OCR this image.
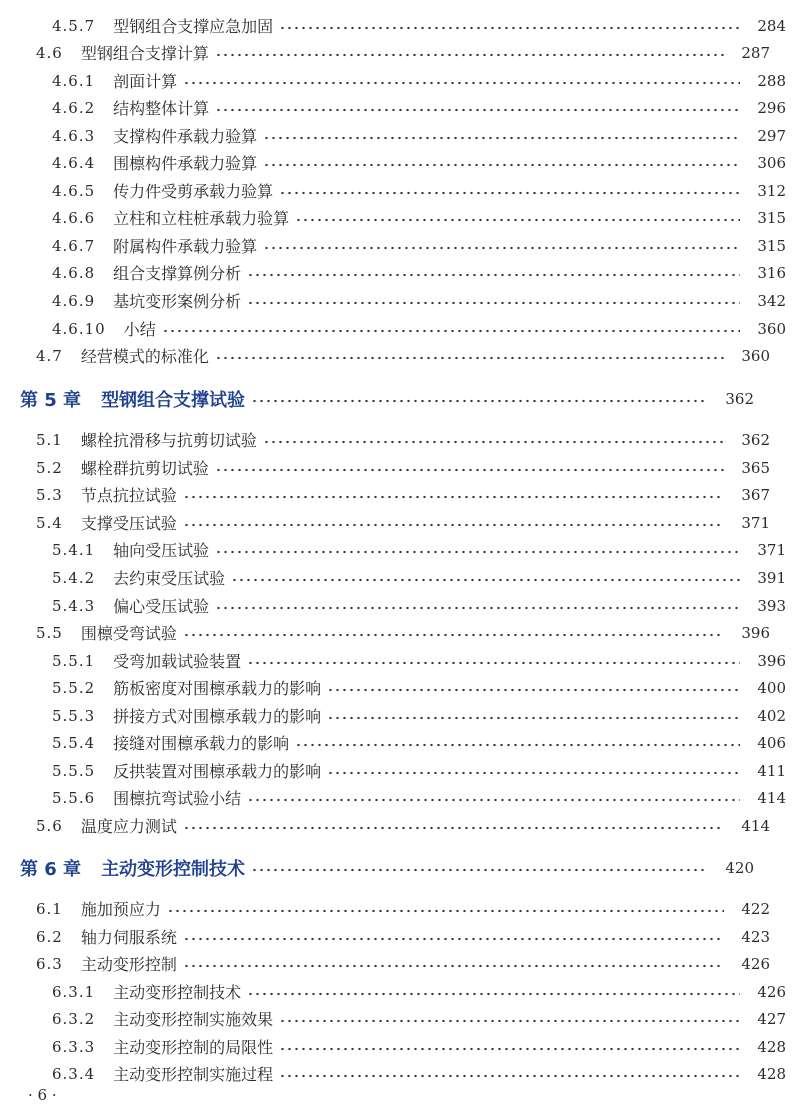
4.5.7 型钢组合支撑应急加固	284
4.6 型钢组合支撑计算	287
4.6.1 剖面计算	288
4.6.2 结构整体计算	296
4.6.3 支撑构件承载力验算	297
4.6.4 围檩构件承载力验算	306
4.6.5 传力件受剪承载力验算	312
4.6.6 立柱和立柱桩承载力验算	315
4.6.7 附属构件承载力验算	315
4.6.8 组合支撑算例分析	316
4.6.9 基坑变形案例分析	342
4.6.10 小结	360
4.7 经营模式的标准化	360
第 5 章 型钢组合支撑试验	362
5.1 螺栓抗滑移与抗剪切试验	362
5.2 螺栓群抗剪切试验	365
5.3 节点抗拉试验	367
5.4 支撑受压试验	371
5.4.1 轴向受压试验	371
5.4.2 去约束受压试验	391
5.4.3 偏心受压试验	393
5.5 围檩受弯试验	396
5.5.1 受弯加载试验装置	396
5.5.2 筋板密度对围檩承载力的影响	400
5.5.3 拼接方式对围檩承载力的影响	402
5.5.4 接缝对围檩承载力的影响	406
5.5.5 反拱装置对围檩承载力的影响	411
5.5.6 围檩抗弯试验小结	414
5.6 温度应力测试	414
第 6 章 主动变形控制技术	420
6.1 施加预应力	422
6.2 轴力伺服系统	423
6.3 主动变形控制	426
6.3.1 主动变形控制技术	426
6.3.2 主动变形控制实施效果	427
6.3.3 主动变形控制的局限性	428
6.3.4 主动变形控制实施过程	428
· 6 ·
